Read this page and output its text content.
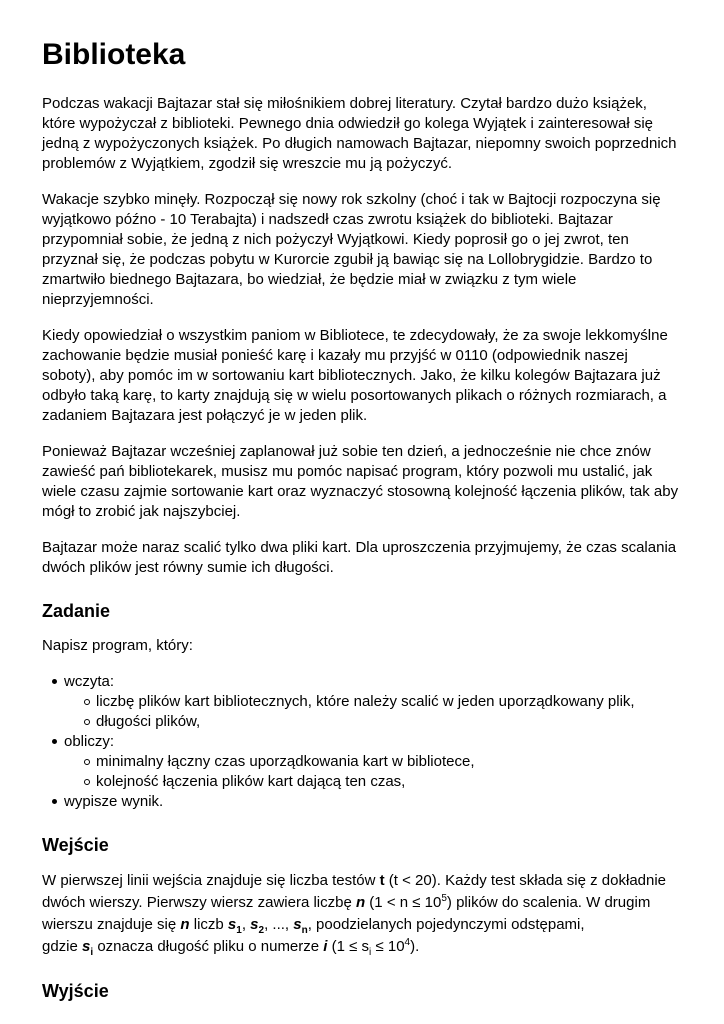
Biblioteka

Podczas wakacji Bajtazar stał się miłośnikiem dobrej literatury. Czytał bardzo dużo książek, które wypożyczał z biblioteki. Pewnego dnia odwiedził go kolega Wyjątek i zainteresował się jedną z wypożyczonych książek. Po długich namowach Bajtazar, niepomny swoich poprzednich problemów z Wyjątkiem, zgodził się wreszcie mu ją pożyczyć.

Wakacje szybko minęły. Rozpoczął się nowy rok szkolny (choć i tak w Bajtocji rozpoczyna się wyjątkowo późno - 10 Terabajta) i nadszedł czas zwrotu książek do biblioteki. Bajtazar przypomniał sobie, że jedną z nich pożyczył Wyjątkowi. Kiedy poprosił go o jej zwrot, ten przyznał się, że podczas pobytu w Kurorcie zgubił ją bawiąc się na Lollobrygidzie. Bardzo to zmartwiło biednego Bajtazara, bo wiedział, że będzie miał w związku z tym wiele nieprzyjemności.

Kiedy opowiedział o wszystkim paniom w Bibliotece, te zdecydowały, że za swoje lekkomyślne zachowanie będzie musiał ponieść karę i kazały mu przyjść w 0110 (odpowiednik naszej soboty), aby pomóc im w sortowaniu kart bibliotecznych. Jako, że kilku kolegów Bajtazara już odbyło taką karę, to karty znajdują się w wielu posortowanych plikach o różnych rozmiarach, a zadaniem Bajtazara jest połączyć je w jeden plik.

Ponieważ Bajtazar wcześniej zaplanował już sobie ten dzień, a jednocześnie nie chce znów zawieść pań bibliotekarek, musisz mu pomóc napisać program, który pozwoli mu ustalić, jak wiele czasu zajmie sortowanie kart oraz wyznaczyć stosowną kolejność łączenia plików, tak aby mógł to zrobić jak najszybciej.

Bajtazar może naraz scalić tylko dwa pliki kart. Dla uproszczenia przyjmujemy, że czas scalania dwóch plików jest równy sumie ich długości.

Zadanie

Napisz program, który:

wczyta:
liczbę plików kart bibliotecznych, które należy scalić w jeden uporządkowany plik,
długości plików,
obliczy:
minimalny łączny czas uporządkowania kart w bibliotece,
kolejność łączenia plików kart dającą ten czas,
wypisze wynik.
Wejście

W pierwszej linii wejścia znajduje się liczba testów t (t < 20). Każdy test składa się z dokładnie dwóch wierszy. Pierwszy wiersz zawiera liczbę n $(1 < n \le 10^5)$ plików do scalenia. W drugim wierszu znajduje się n liczb $s_1$, $s_2$, ..., $s_n$, poodzielanych pojedynczymi odstępami,
gdzie $s_i$ oznacza długość pliku o numerze i $(1 \le s_i \le 10^4)$.

Wyjście
